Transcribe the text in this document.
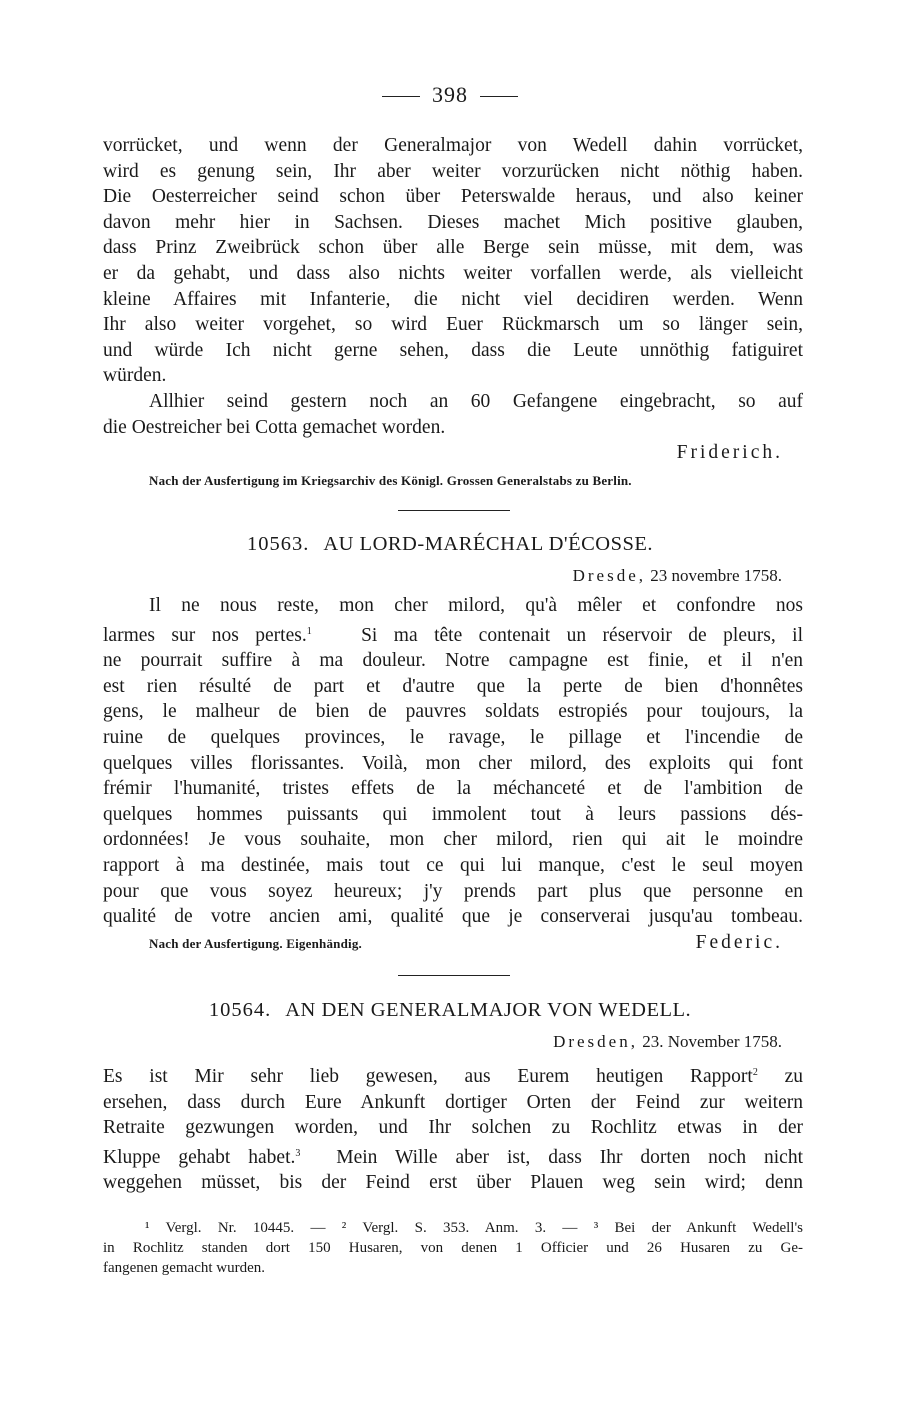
398
vorrücket, und wenn der Generalmajor von Wedell dahin vorrücket,
wird es genung sein, Ihr aber weiter vorzurücken nicht nöthig haben.
Die Oesterreicher seind schon über Peterswalde heraus, und also keiner
davon mehr hier in Sachsen. Dieses machet Mich positive glauben,
dass Prinz Zweibrück schon über alle Berge sein müsse, mit dem, was
er da gehabt, und dass also nichts weiter vorfallen werde, als vielleicht
kleine Affaires mit Infanterie, die nicht viel decidiren werden. Wenn
Ihr also weiter vorgehet, so wird Euer Rückmarsch um so länger sein,
und würde Ich nicht gerne sehen, dass die Leute unnöthig fatiguiret
würden.
Allhier seind gestern noch an 60 Gefangene eingebracht, so auf
die Oestreicher bei Cotta gemachet worden.
Friderich.
Nach der Ausfertigung im Kriegsarchiv des Königl. Grossen Generalstabs zu Berlin.
10563. AU LORD-MARÉCHAL D'ÉCOSSE.
Dresde, 23 novembre 1758.
Il ne nous reste, mon cher milord, qu'à mêler et confondre nos
larmes sur nos pertes.$^1$	Si ma tête contenait un réservoir de pleurs, il
ne pourrait suffire à ma douleur. Notre campagne est finie, et il n'en
est rien résulté de part et d'autre que la perte de bien d'honnêtes
gens, le malheur de bien de pauvres soldats estropiés pour toujours, la
ruine de quelques provinces, le ravage, le pillage et l'incendie de
quelques villes florissantes. Voilà, mon cher milord, des exploits qui font
frémir l'humanité, tristes effets de la méchanceté et de l'ambition de
quelques hommes puissants qui immolent tout à leurs passions dés-
ordonnées! Je vous souhaite, mon cher milord, rien qui ait le moindre
rapport à ma destinée, mais tout ce qui lui manque, c'est le seul moyen
pour que vous soyez heureux; j'y prends part plus que personne en
qualité de votre ancien ami, qualité que je conserverai jusqu'au tombeau.
Nach der Ausfertigung. Eigenhändig.	Federic.
10564. AN DEN GENERALMAJOR VON WEDELL.
Dresden, 23. November 1758.
Es ist Mir sehr lieb gewesen, aus Eurem heutigen Rapport$^2$ zu
ersehen, dass durch Eure Ankunft dortiger Orten der Feind zur weitern
Retraite gezwungen worden, und Ihr solchen zu Rochlitz etwas in der
Kluppe gehabt habet.$^3$ Mein Wille aber ist, dass Ihr dorten noch nicht
weggehen müsset, bis der Feind erst über Plauen weg sein wird; denn
¹ Vergl. Nr. 10445. — ² Vergl. S. 353. Anm. 3. — ³ Bei der Ankunft Wedell's
in Rochlitz standen dort 150 Husaren, von denen 1 Officier und 26 Husaren zu Ge-
fangenen gemacht wurden.
